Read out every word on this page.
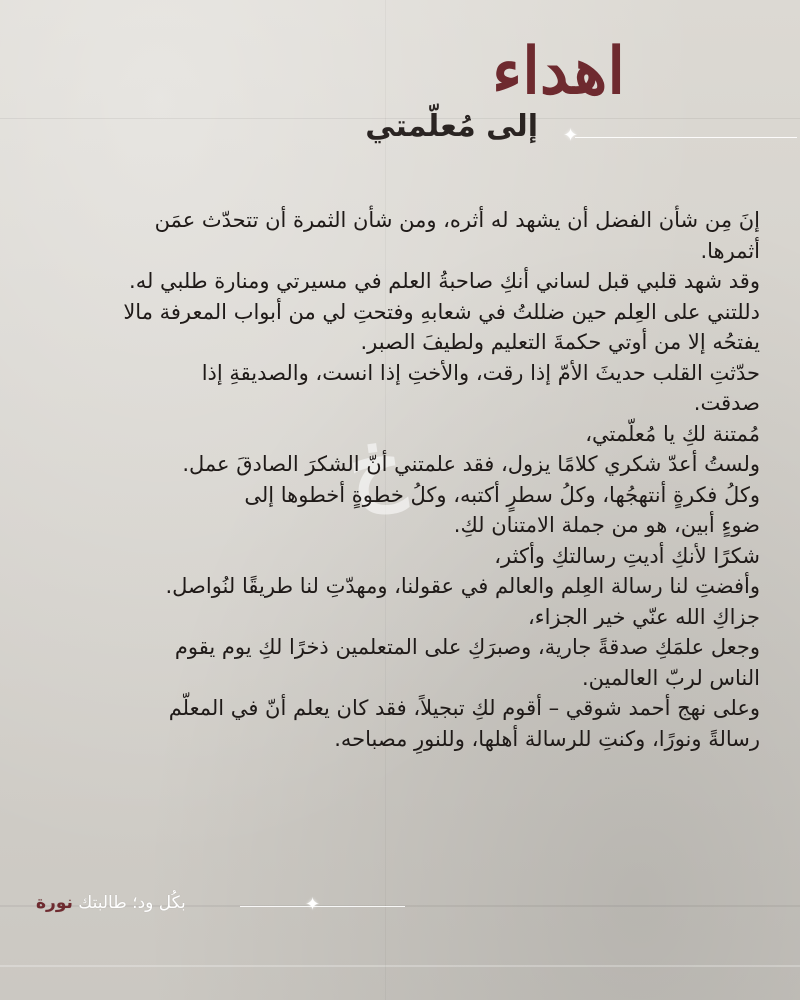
خ
اهداء
إلى مُعلّمتي ✦

إنَ مِن شأن الفضل أن يشهد له أثره، ومن شأن الثمرة أن تتحدّث عمَن

أثمرها.

وقد شهد قلبي قبل لساني أنكِ صاحبةُ العلم في مسيرتي ومنارة طلبي له.

دللتني على العِلم حين ضللتُ في شعابهِ وفتحتِ لي من أبواب المعرفة مالا

يفتحُه إلا من أوتي حكمةَ التعليم ولطيفَ الصبر.

حدّثتِ القلب حديثَ الأمّ إذا رقت، والأختِ إذا انست، والصديقةِ إذا

صدقت.

مُمتنة لكِ يا مُعلّمتي،

ولستُ أعدّ شكري كلامًا يزول، فقد علمتني أنّ الشكرَ الصادقَ عمل.

وكلُ فكرةٍ أنتهجُها، وكلُ سطرٍ أكتبه، وكلُ خطوةٍ أخطوها إلى

ضوءٍ أبين، هو من جملة الامتنان لكِ.

شكرًا لأنكِ أديتِ رسالتكِ وأكثر،

وأفضتِ لنا رسالة العِلم والعالم في عقولنا، ومهدّتِ لنا طريقًا لنُواصل.

جزاكِ الله عنّي خير الجزاء،

وجعل علمَكِ صدقةً جارية، وصبرَكِ على المتعلمين ذخرًا لكِ يوم يقوم

الناس لربّ العالمين.

وعلى نهج أحمد شوقي – أقوم لكِ تبجيلاً، فقد كان يعلم أنّ في المعلّم

رسالةً ونورًا، وكنتِ للرسالة أهلها، وللنورِ مصباحه.

بكُل ود؛ طالبتك نورة	✦
